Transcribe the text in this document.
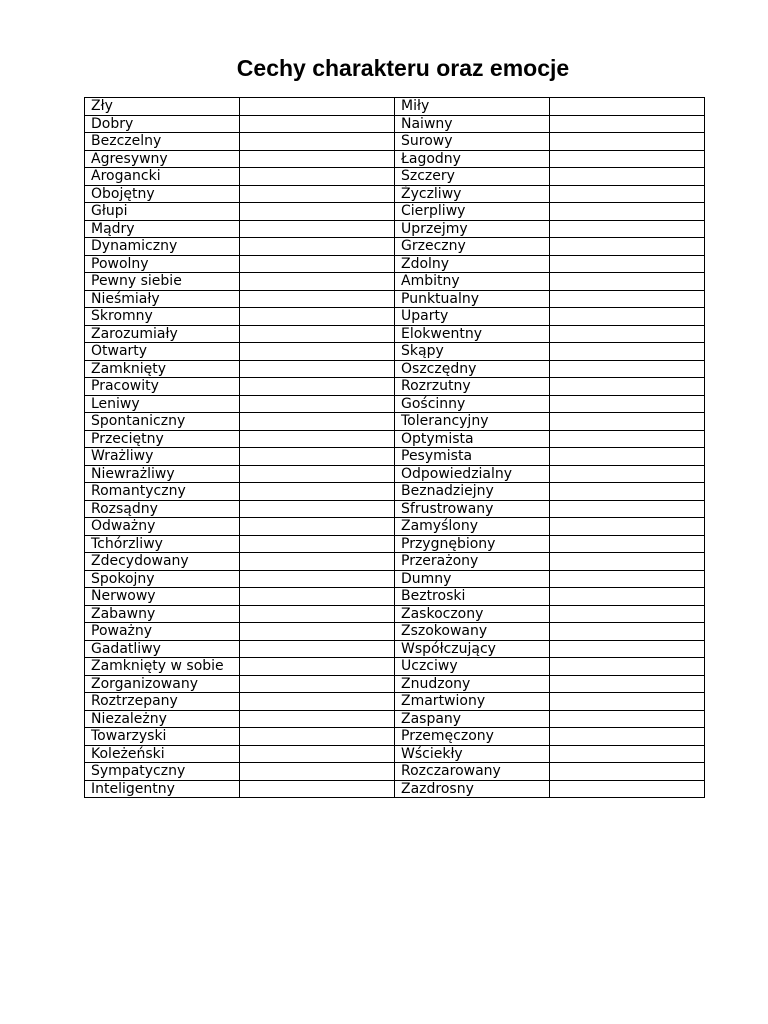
Cechy charakteru oraz emocje
Zły		Miły	
Dobry		Naiwny	
Bezczelny		Surowy	
Agresywny		Łagodny	
Arogancki		Szczery	
Obojętny		Życzliwy	
Głupi		Cierpliwy	
Mądry		Uprzejmy	
Dynamiczny		Grzeczny	
Powolny		Zdolny	
Pewny siebie		Ambitny	
Nieśmiały		Punktualny	
Skromny		Uparty	
Zarozumiały		Elokwentny	
Otwarty		Skąpy	
Zamknięty		Oszczędny	
Pracowity		Rozrzutny	
Leniwy		Gościnny	
Spontaniczny		Tolerancyjny	
Przeciętny		Optymista	
Wrażliwy		Pesymista	
Niewrażliwy		Odpowiedzialny	
Romantyczny		Beznadziejny	
Rozsądny		Sfrustrowany	
Odważny		Zamyślony	
Tchórzliwy		Przygnębiony	
Zdecydowany		Przerażony	
Spokojny		Dumny	
Nerwowy		Beztroski	
Zabawny		Zaskoczony	
Poważny		Zszokowany	
Gadatliwy		Współczujący	
Zamknięty w sobie		Uczciwy	
Zorganizowany		Znudzony	
Roztrzepany		Zmartwiony	
Niezależny		Zaspany	
Towarzyski		Przemęczony	
Koleżeński		Wściekły	
Sympatyczny		Rozczarowany	
Inteligentny		Zazdrosny	
